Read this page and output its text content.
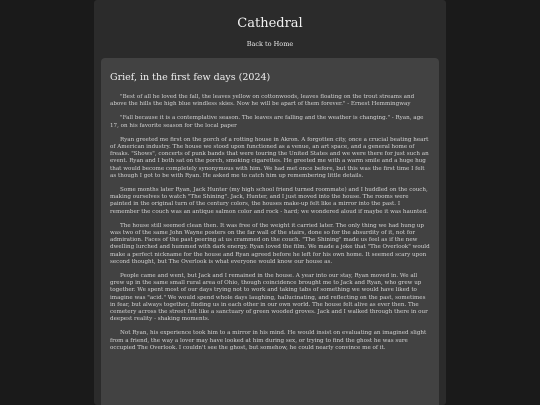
Cathedral
Back to Home
Grief, in the first few days (2024)

"Best of all he loved the fall, the leaves yellow on cottonwoods, leaves floating on the trout streams and above the hills the high blue windless skies. Now he will be apart of them forever." - Ernest Hemmingway

"Fall because it is a contemplative season. The leaves are falling and the weather is changing." - Ryan, age 17, on his favorite season for the local paper

Ryan greeted me first on the porch of a rotting house in Akron. A forgotten city, once a crucial beating heart of American industry. The house we stood upon functioned as a venue, an art space, and a general home of freaks. "Shows", concerts of punk bands that were touring the United States and we were there for just such an event. Ryan and I both sat on the porch, smoking cigarettes. He greeted me with a warm smile and a huge hug that would become completely synonymous with him. We had met once before, but this was the first time I felt as though I got to be with Ryan. He asked me to catch him up remembering little details.

Some months later Ryan, Jack Hunter (my high school friend turned roommate) and I huddled on the couch, making ourselves to watch "The Shining". Jack, Hunter, and I just moved into the house. The rooms were painted in the original turn of the century colors, the houses make-up felt like a mirror into the past. I remember the couch was an antique salmon color and rock - hard; we wondered aloud if maybe it was haunted.

The house still seemed clean then. It was free of the weight it carried later. The only thing we had hung up was two of the same John Wayne posters on the far wall of the stairs, done so for the absurdity of it, not for admiration. Faces of the past peering at us crammed on the couch. "The Shining" made us feel as if the new dwelling lurched and hummed with dark energy. Ryan loved the film. We made a joke that "The Overlook" would make a perfect nickname for the house and Ryan agreed before he left for his own home. It seemed scary upon second thought, but The Overlook is what everyone would know our house as.

People came and went, but Jack and I remained in the house. A year into our stay, Ryan moved in. We all grew up in the same small rural area of Ohio, though coincidence brought me to Jack and Ryan, who grew up together. We spent most of our days trying not to work and taking tabs of something we would have liked to imagine was "acid." We would spend whole days laughing, hallucinating, and reflecting on the past, sometimes in fear, but always together, finding us in each other in our own world. The house felt alive as ever then. The cemetery across the street felt like a sanctuary of green wooded groves. Jack and I walked through there in our deepest reality - shaking moments.

Not Ryan, his experience took him to a mirror in his mind. He would insist on evaluating an imagined slight from a friend, the way a lover may have looked at him during sex, or trying to find the ghost he was sure occupied The Overlook. I couldn't see the ghost, but somehow, he could nearly convince me of it.
